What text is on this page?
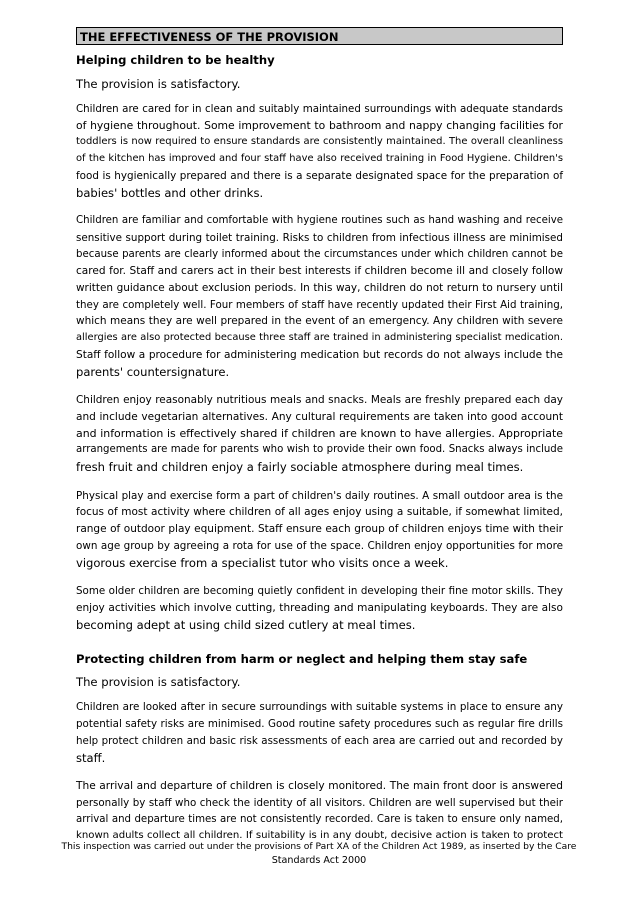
THE EFFECTIVENESS OF THE PROVISION
Helping children to be healthy
The provision is satisfactory.
Children are cared for in clean and suitably maintained surroundings with adequate standards
of hygiene throughout. Some improvement to bathroom and nappy changing facilities for
toddlers is now required to ensure standards are consistently maintained. The overall cleanliness
of the kitchen has improved and four staff have also received training in Food Hygiene. Children's
food is hygienically prepared and there is a separate designated space for the preparation of
babies' bottles and other drinks.
Children are familiar and comfortable with hygiene routines such as hand washing and receive
sensitive support during toilet training. Risks to children from infectious illness are minimised
because parents are clearly informed about the circumstances under which children cannot be
cared for. Staff and carers act in their best interests if children become ill and closely follow
written guidance about exclusion periods. In this way, children do not return to nursery until
they are completely well. Four members of staff have recently updated their First Aid training,
which means they are well prepared in the event of an emergency. Any children with severe
allergies are also protected because three staff are trained in administering specialist medication.
Staff follow a procedure for administering medication but records do not always include the
parents' countersignature.
Children enjoy reasonably nutritious meals and snacks. Meals are freshly prepared each day
and include vegetarian alternatives. Any cultural requirements are taken into good account
and information is effectively shared if children are known to have allergies. Appropriate
arrangements are made for parents who wish to provide their own food. Snacks always include
fresh fruit and children enjoy a fairly sociable atmosphere during meal times.
Physical play and exercise form a part of children's daily routines. A small outdoor area is the
focus of most activity where children of all ages enjoy using a suitable, if somewhat limited,
range of outdoor play equipment. Staff ensure each group of children enjoys time with their
own age group by agreeing a rota for use of the space. Children enjoy opportunities for more
vigorous exercise from a specialist tutor who visits once a week.
Some older children are becoming quietly confident in developing their fine motor skills. They
enjoy activities which involve cutting, threading and manipulating keyboards. They are also
becoming adept at using child sized cutlery at meal times.
Protecting children from harm or neglect and helping them stay safe
The provision is satisfactory.
Children are looked after in secure surroundings with suitable systems in place to ensure any
potential safety risks are minimised. Good routine safety procedures such as regular fire drills
help protect children and basic risk assessments of each area are carried out and recorded by
staff.
The arrival and departure of children is closely monitored. The main front door is answered
personally by staff who check the identity of all visitors. Children are well supervised but their
arrival and departure times are not consistently recorded. Care is taken to ensure only named,
known adults collect all children. If suitability is in any doubt, decisive action is taken to protect
This inspection was carried out under the provisions of Part XA of the Children Act 1989, as inserted by the Care
Standards Act 2000
